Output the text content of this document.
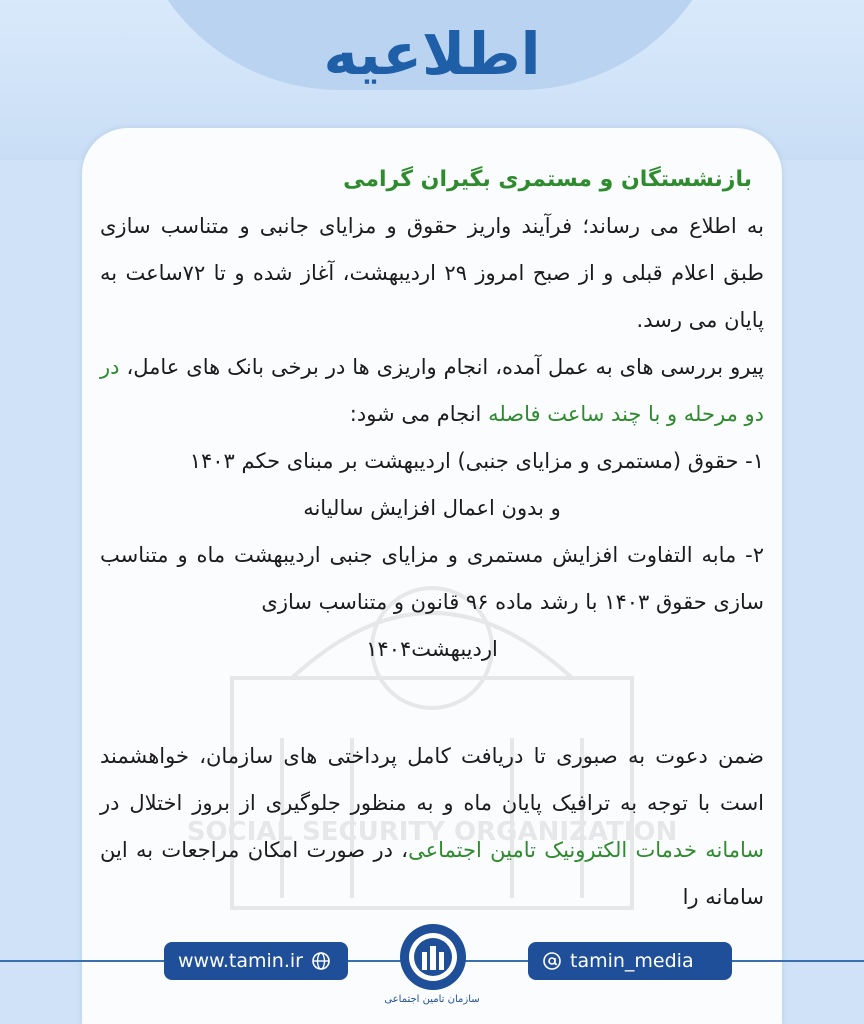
اطلاعیه
SOCIAL SECURITY ORGANIZATION

بازنشستگان و مستمری بگیران گرامی

به اطلاع می رساند؛ فرآیند واریز حقوق و مزایای جانبی و متناسب سازی طبق اعلام قبلی و از صبح امروز ۲۹ اردیبهشت، آغاز شده و تا ۷۲ساعت به پایان می رسد.

پیرو بررسی های به عمل آمده، انجام واریزی ها در برخی بانک های عامل، در دو مرحله و با چند ساعت فاصله انجام می شود:

۱- حقوق (مستمری و مزایای جنبی) اردیبهشت بر مبنای حکم ۱۴۰۳

و بدون اعمال افزایش سالیانه

۲- مابه التفاوت افزایش مستمری و مزایای جنبی اردیبهشت ماه و متناسب سازی حقوق ۱۴۰۳ با رشد ماده ۹۶ قانون و متناسب سازی

اردیبهشت۱۴۰۴

ضمن دعوت به صبوری تا دریافت کامل پرداختی های سازمان، خواهشمند است با توجه به ترافیک پایان ماه و به منظور جلوگیری از بروز اختلال در سامانه خدمات الکترونیک تامین اجتماعی، در صورت امکان مراجعات به این سامانه را

www.tamin.ir
سازمان تامین اجتماعی
tamin_media
